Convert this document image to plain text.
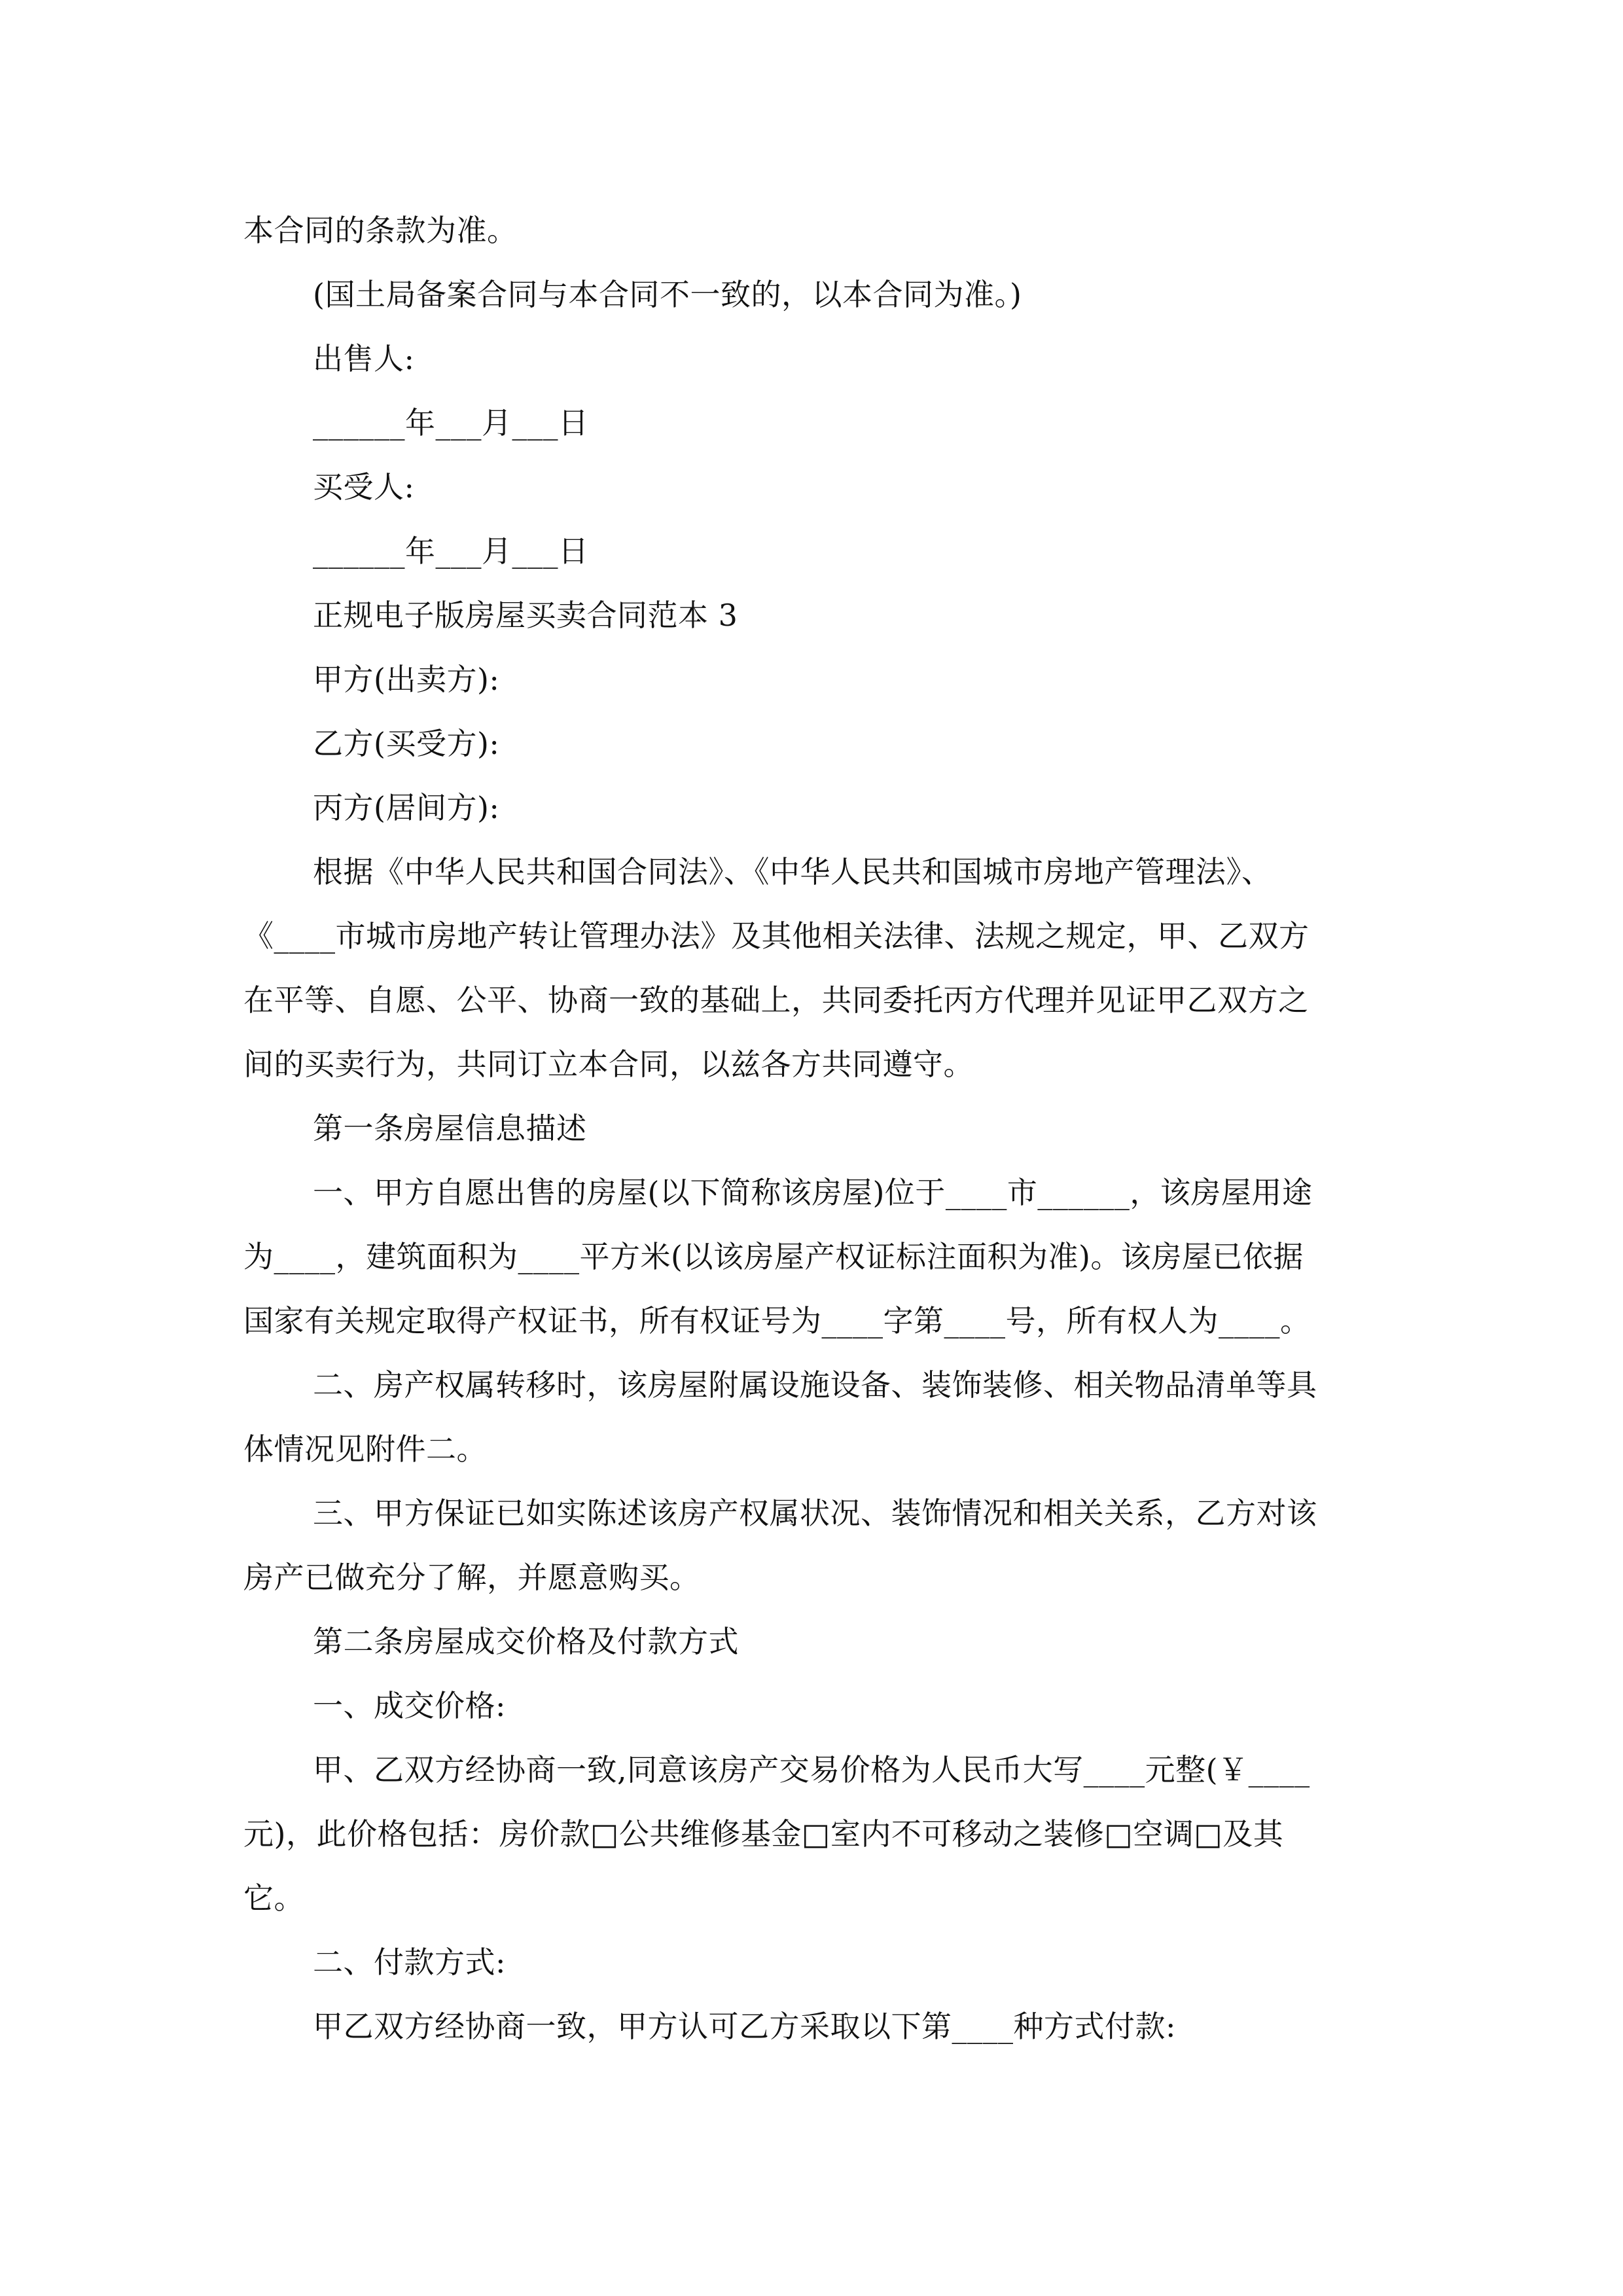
本合同的条款为准。
(国土局备案合同与本合同不一致的，以本合同为准。)
出售人:
______年___月___日
买受人:
______年___月___日
正规电子版房屋买卖合同范本 3
甲方(出卖方):
乙方(买受方):
丙方(居间方):
根据《中华人民共和国合同法》、《中华人民共和国城市房地产管理法》、
《____市城市房地产转让管理办法》及其他相关法律、法规之规定，甲、乙双方
在平等、自愿、公平、协商一致的基础上，共同委托丙方代理并见证甲乙双方之
间的买卖行为，共同订立本合同，以兹各方共同遵守。
第一条房屋信息描述
一、甲方自愿出售的房屋(以下简称该房屋)位于____市______，该房屋用途
为____，建筑面积为____平方米(以该房屋产权证标注面积为准)。该房屋已依据
国家有关规定取得产权证书，所有权证号为____字第____号，所有权人为____。
二、房产权属转移时，该房屋附属设施设备、装饰装修、相关物品清单等具
体情况见附件二。
三、甲方保证已如实陈述该房产权属状况、装饰情况和相关关系，乙方对该
房产已做充分了解，并愿意购买。
第二条房屋成交价格及付款方式
一、成交价格:
甲、乙双方经协商一致,同意该房产交易价格为人民币大写____元整(￥____
元)，此价格包括：房价款□公共维修基金□室内不可移动之装修□空调□及其
它。
二、付款方式:
甲乙双方经协商一致，甲方认可乙方采取以下第____种方式付款:
